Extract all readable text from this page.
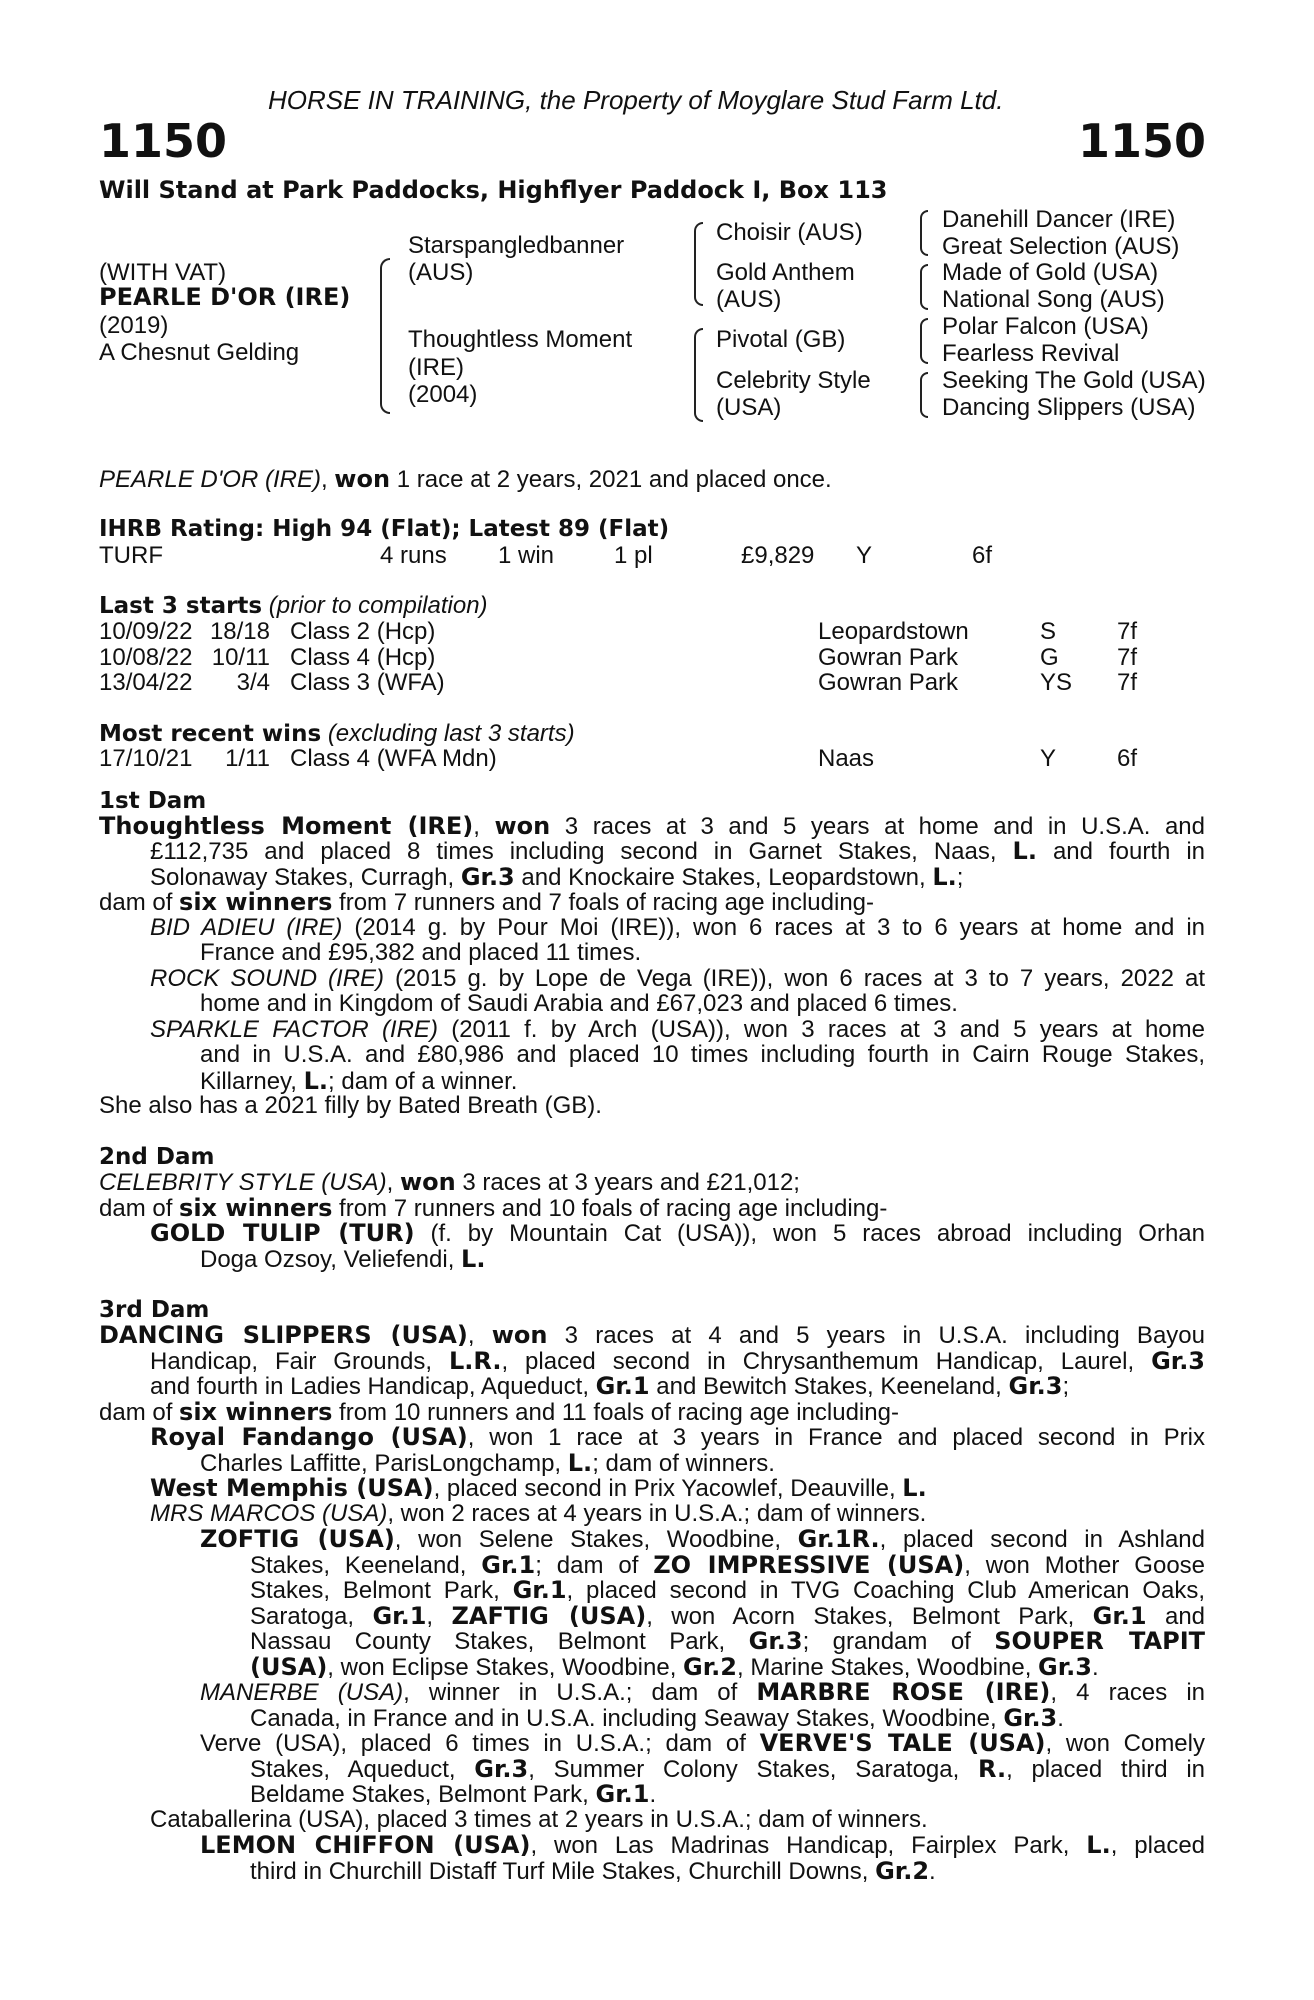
HORSE IN TRAINING, the Property of Moyglare Stud Farm Ltd.
1150	1150
Will Stand at Park Paddocks, Highflyer Paddock I, Box 113
(WITH VAT)
PEARLE D'OR (IRE)
(2019)
A Chesnut Gelding
Starspangledbanner
(AUS)
Thoughtless Moment
(IRE)
(2004)
Choisir (AUS)
Gold Anthem
(AUS)
Pivotal (GB)
Celebrity Style
(USA)
Danehill Dancer (IRE)
Great Selection (AUS)
Made of Gold (USA)
National Song (AUS)
Polar Falcon (USA)
Fearless Revival
Seeking The Gold (USA)
Dancing Slippers (USA)
PEARLE D'OR (IRE), won 1 race at 2 years, 2021 and placed once.
IHRB Rating: High 94 (Flat); Latest 89 (Flat)
TURF	4 runs 1 win 1 pl	£9,829 Y	6f
Last 3 starts (prior to compilation)
10/09/22 18/18 Class 2 (Hcp)	Leopardstown	S	7f
10/08/22 10/11 Class 4 (Hcp)	Gowran Park	G 7f
13/04/22 3/4 Class 3 (WFA)	Gowran Park	YS 7f
Most recent wins (excluding last 3 starts)
17/10/21 1/11 Class 4 (WFA Mdn)	Naas	Y	6f
1st Dam
Thoughtless Moment (IRE), won 3 races at 3 and 5 years at home and in U.S.A. and
£112,735 and placed 8 times including second in Garnet Stakes, Naas, L. and fourth in
Solonaway Stakes, Curragh, Gr.3 and Knockaire Stakes, Leopardstown, L.;
dam of six winners from 7 runners and 7 foals of racing age including-
BID ADIEU (IRE) (2014 g. by Pour Moi (IRE)), won 6 races at 3 to 6 years at home and in
France and £95,382 and placed 11 times.
ROCK SOUND (IRE) (2015 g. by Lope de Vega (IRE)), won 6 races at 3 to 7 years, 2022 at
home and in Kingdom of Saudi Arabia and £67,023 and placed 6 times.
SPARKLE FACTOR (IRE) (2011 f. by Arch (USA)), won 3 races at 3 and 5 years at home
and in U.S.A. and £80,986 and placed 10 times including fourth in Cairn Rouge Stakes,
Killarney, L.; dam of a winner.
She also has a 2021 filly by Bated Breath (GB).
2nd Dam
CELEBRITY STYLE (USA), won 3 races at 3 years and £21,012;
dam of six winners from 7 runners and 10 foals of racing age including-
GOLD TULIP (TUR) (f. by Mountain Cat (USA)), won 5 races abroad including Orhan
Doga Ozsoy, Veliefendi, L.
3rd Dam
DANCING SLIPPERS (USA), won 3 races at 4 and 5 years in U.S.A. including Bayou
Handicap, Fair Grounds, L.R., placed second in Chrysanthemum Handicap, Laurel, Gr.3
and fourth in Ladies Handicap, Aqueduct, Gr.1 and Bewitch Stakes, Keeneland, Gr.3;
dam of six winners from 10 runners and 11 foals of racing age including-
Royal Fandango (USA), won 1 race at 3 years in France and placed second in Prix
Charles Laffitte, ParisLongchamp, L.; dam of winners.
West Memphis (USA), placed second in Prix Yacowlef, Deauville, L.
MRS MARCOS (USA), won 2 races at 4 years in U.S.A.; dam of winners.
ZOFTIG (USA), won Selene Stakes, Woodbine, Gr.1R., placed second in Ashland
Stakes, Keeneland, Gr.1; dam of ZO IMPRESSIVE (USA), won Mother Goose
Stakes, Belmont Park, Gr.1, placed second in TVG Coaching Club American Oaks,
Saratoga, Gr.1, ZAFTIG (USA), won Acorn Stakes, Belmont Park, Gr.1 and
Nassau County Stakes, Belmont Park, Gr.3; grandam of SOUPER TAPIT
(USA), won Eclipse Stakes, Woodbine, Gr.2, Marine Stakes, Woodbine, Gr.3.
MANERBE (USA), winner in U.S.A.; dam of MARBRE ROSE (IRE), 4 races in
Canada, in France and in U.S.A. including Seaway Stakes, Woodbine, Gr.3.
Verve (USA), placed 6 times in U.S.A.; dam of VERVE'S TALE (USA), won Comely
Stakes, Aqueduct, Gr.3, Summer Colony Stakes, Saratoga, R., placed third in
Beldame Stakes, Belmont Park, Gr.1.
Cataballerina (USA), placed 3 times at 2 years in U.S.A.; dam of winners.
LEMON CHIFFON (USA), won Las Madrinas Handicap, Fairplex Park, L., placed
third in Churchill Distaff Turf Mile Stakes, Churchill Downs, Gr.2.
